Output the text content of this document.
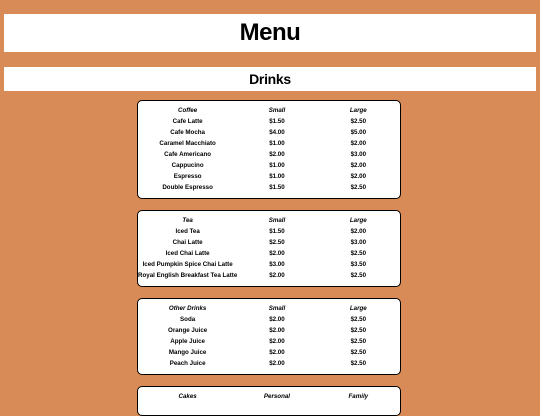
Menu
Drinks
Coffee	Small	Large
Cafe Latte	$1.50	$2.50
Cafe Mocha	$4.00	$5.00
Caramel Macchiato	$1.00	$2.00
Cafe Americano	$2.00	$3.00
Cappucino	$1.00	$2.00
Espresso	$1.00	$2.00
Double Espresso	$1.50	$2.50
Tea	Small	Large
Iced Tea	$1.50	$2.00
Chai Latte	$2.50	$3.00
Iced Chai Latte	$2.00	$2.50
Iced Pumpkin Spice Chai Latte	$3.00	$3.50
Royal English Breakfast Tea Latte	$2.00	$2.50
Other Drinks	Small	Large
Soda	$2.00	$2.50
Orange Juice	$2.00	$2.50
Apple Juice	$2.00	$2.50
Mango Juice	$2.00	$2.50
Peach Juice	$2.00	$2.50
Cakes	Personal	Family
